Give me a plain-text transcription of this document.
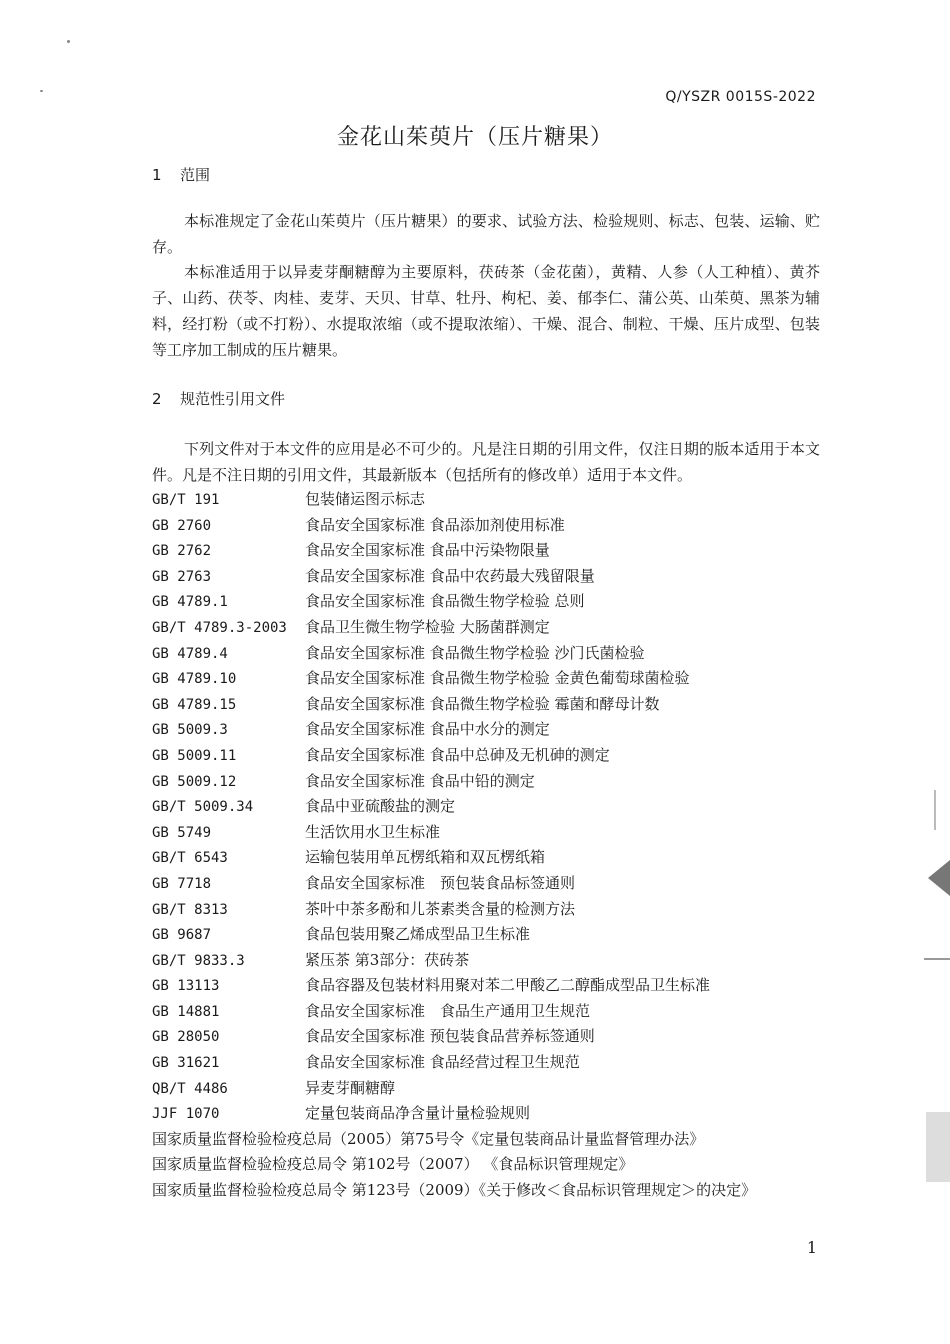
Q/YSZR 0015S-2022
金花山茱萸片（压片糖果）
1 范围

本标准规定了金花山茱萸片（压片糖果）的要求、试验方法、检验规则、标志、包装、运输、贮存。

本标准适用于以异麦芽酮糖醇为主要原料，茯砖茶（金花菌），黄精、人参（人工种植）、黄芥子、山药、茯苓、肉桂、麦芽、天贝、甘草、牡丹、枸杞、姜、郁李仁、蒲公英、山茱萸、黑茶为辅料，经打粉（或不打粉）、水提取浓缩（或不提取浓缩）、干燥、混合、制粒、干燥、压片成型、包装等工序加工制成的压片糖果。

2 规范性引用文件

下列文件对于本文件的应用是必不可少的。凡是注日期的引用文件，仅注日期的版本适用于本文件。凡是不注日期的引用文件，其最新版本（包括所有的修改单）适用于本文件。

GB/T 191	包装储运图示标志
GB 2760	食品安全国家标准 食品添加剂使用标准
GB 2762	食品安全国家标准 食品中污染物限量
GB 2763	食品安全国家标准 食品中农药最大残留限量
GB 4789.1	食品安全国家标准 食品微生物学检验 总则
GB/T 4789.3-2003 食品卫生微生物学检验 大肠菌群测定
GB 4789.4	食品安全国家标准 食品微生物学检验 沙门氏菌检验
GB 4789.10	食品安全国家标准 食品微生物学检验 金黄色葡萄球菌检验
GB 4789.15	食品安全国家标准 食品微生物学检验 霉菌和酵母计数
GB 5009.3	食品安全国家标准 食品中水分的测定
GB 5009.11	食品安全国家标准 食品中总砷及无机砷的测定
GB 5009.12	食品安全国家标准 食品中铅的测定
GB/T 5009.34	食品中亚硫酸盐的测定
GB 5749	生活饮用水卫生标准
GB/T 6543	运输包装用单瓦楞纸箱和双瓦楞纸箱
GB 7718	食品安全国家标准　预包装食品标签通则
GB/T 8313	茶叶中茶多酚和儿茶素类含量的检测方法
GB 9687	食品包装用聚乙烯成型品卫生标准
GB/T 9833.3	紧压茶 第3部分：茯砖茶
GB 13113	食品容器及包装材料用聚对苯二甲酸乙二醇酯成型品卫生标准
GB 14881	食品安全国家标准　食品生产通用卫生规范
GB 28050	食品安全国家标准 预包装食品营养标签通则
GB 31621	食品安全国家标准 食品经营过程卫生规范
QB/T 4486	异麦芽酮糖醇
JJF 1070	定量包装商品净含量计量检验规则
国家质量监督检验检疫总局（2005）第75号令《定量包装商品计量监督管理办法》
国家质量监督检验检疫总局令 第102号（2007） 《食品标识管理规定》
国家质量监督检验检疫总局令 第123号（2009）《关于修改＜食品标识管理规定＞的决定》
1
